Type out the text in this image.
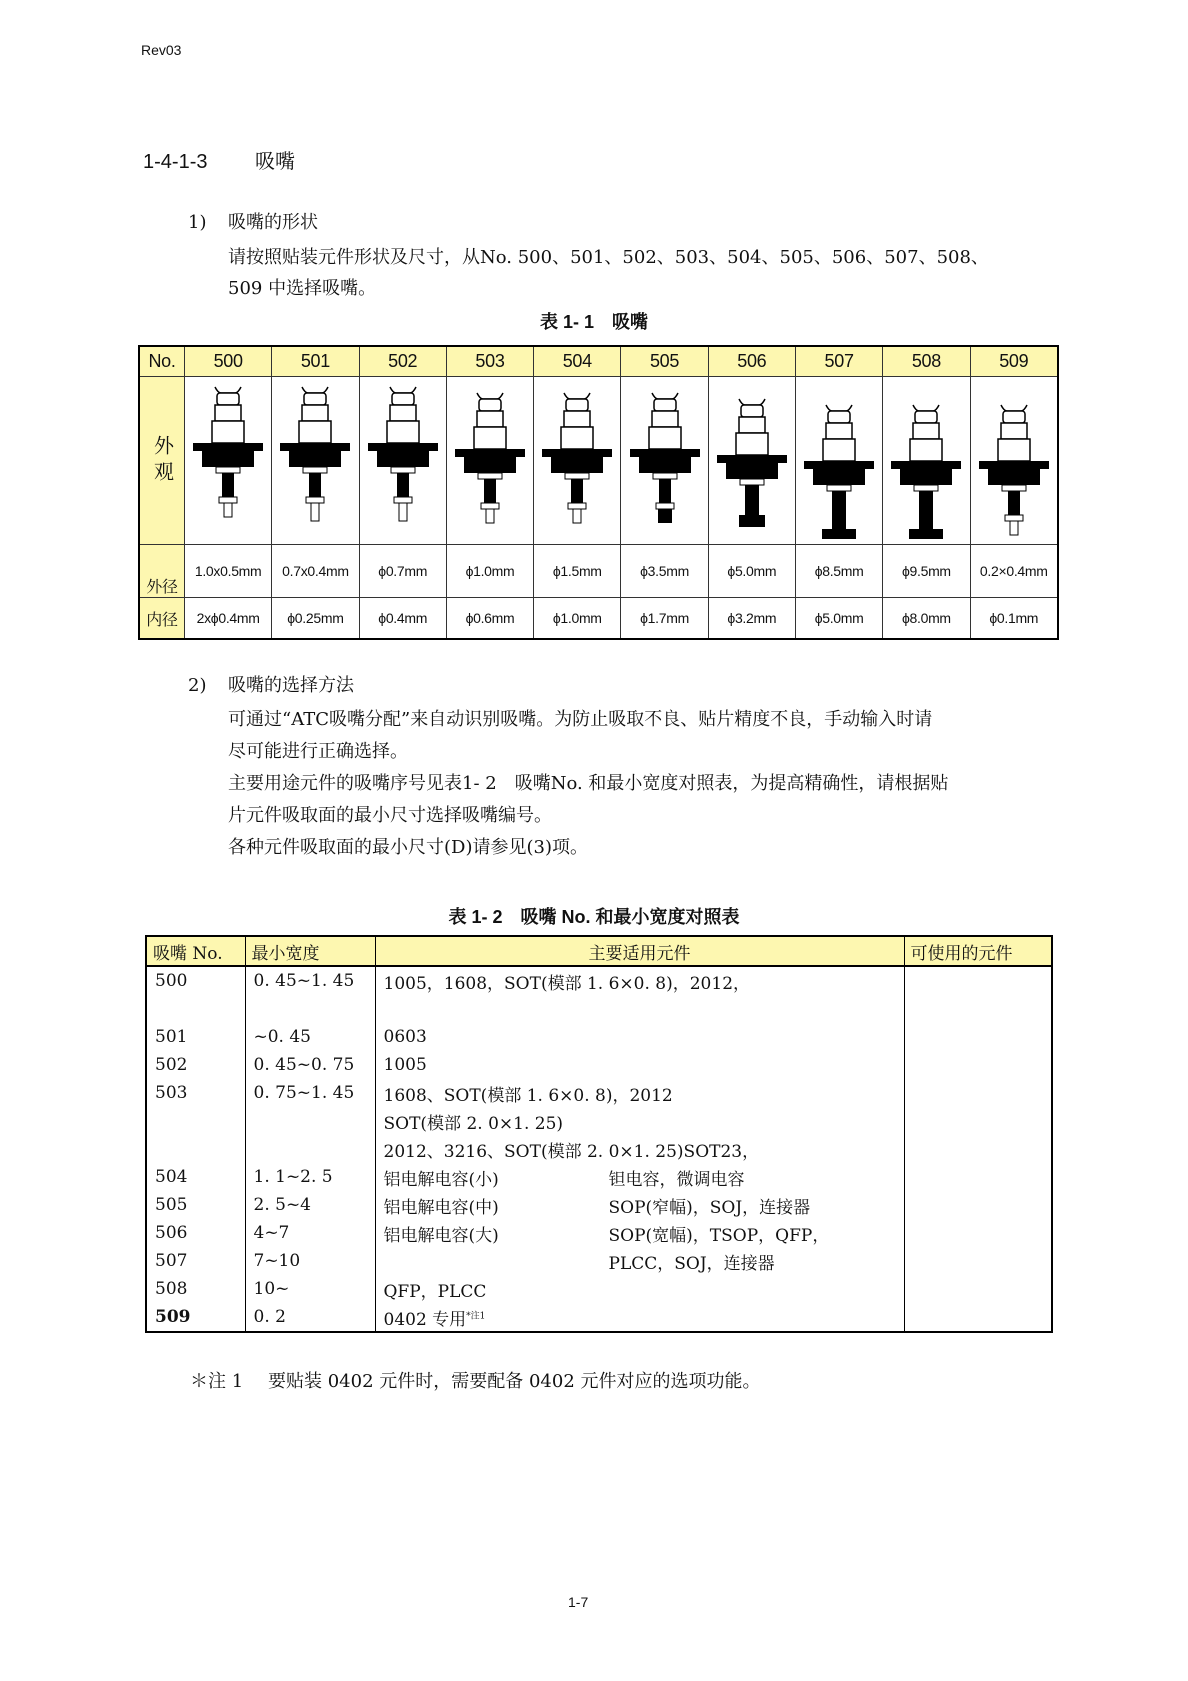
Rev03
1-4-1-3 吸嘴
1) 吸嘴的形状
请按照贴装元件形状及尺寸，从No. 500、501、502、503、504、505、506、507、508、
509 中选择吸嘴。
表 1- 1　吸嘴
No.	500	501	502	503	504	505	506	507	508	509
外观										
外径	1.0x0.5mm	0.7x0.4mm	ϕ0.7mm	ϕ1.0mm	ϕ1.5mm	ϕ3.5mm	ϕ5.0mm	ϕ8.5mm	ϕ9.5mm	0.2×0.4mm
内径	2xϕ0.4mm	ϕ0.25mm	ϕ0.4mm	ϕ0.6mm	ϕ1.0mm	ϕ1.7mm	ϕ3.2mm	ϕ5.0mm	ϕ8.0mm	ϕ0.1mm
2) 吸嘴的选择方法
可通过“ATC吸嘴分配”来自动识别吸嘴。为防止吸取不良、贴片精度不良，手动输入时请
尽可能进行正确选择。
主要用途元件的吸嘴序号见表1- 2　吸嘴No. 和最小宽度对照表，为提高精确性，请根据贴
片元件吸取面的最小尺寸选择吸嘴编号。
各种元件吸取面的最小尺寸(D)请参见(3)项。
表 1- 2　吸嘴 No. 和最小宽度对照表
吸嘴 No.	最小宽度	主要适用元件	可使用的元件
500	0. 45~1. 45	1005，1608，SOT(模部 1. 6×0. 8)，2012，	

501	~0. 45	0603	
502	0. 45~0. 75	1005	
503	0. 75~1. 45	1608、SOT(模部 1. 6×0. 8)，2012	
		SOT(模部 2. 0×1. 25)	
		2012、3216、SOT(模部 2. 0×1. 25)SOT23，	
504	1. 1~2. 5	铝电解电容(小) 钽电容，微调电容	
505	2. 5~4	铝电解电容(中) SOP(窄幅)，SOJ，连接器	
506	4~7	铝电解电容(大) SOP(宽幅)，TSOP，QFP，	
507	7~10	PLCC，SOJ，连接器	
508	10~	QFP，PLCC	
509	0. 2	0402 专用$^{*注1}$	
＊注 1 要贴装 0402 元件时，需要配备 0402 元件对应的选项功能。
1-7
